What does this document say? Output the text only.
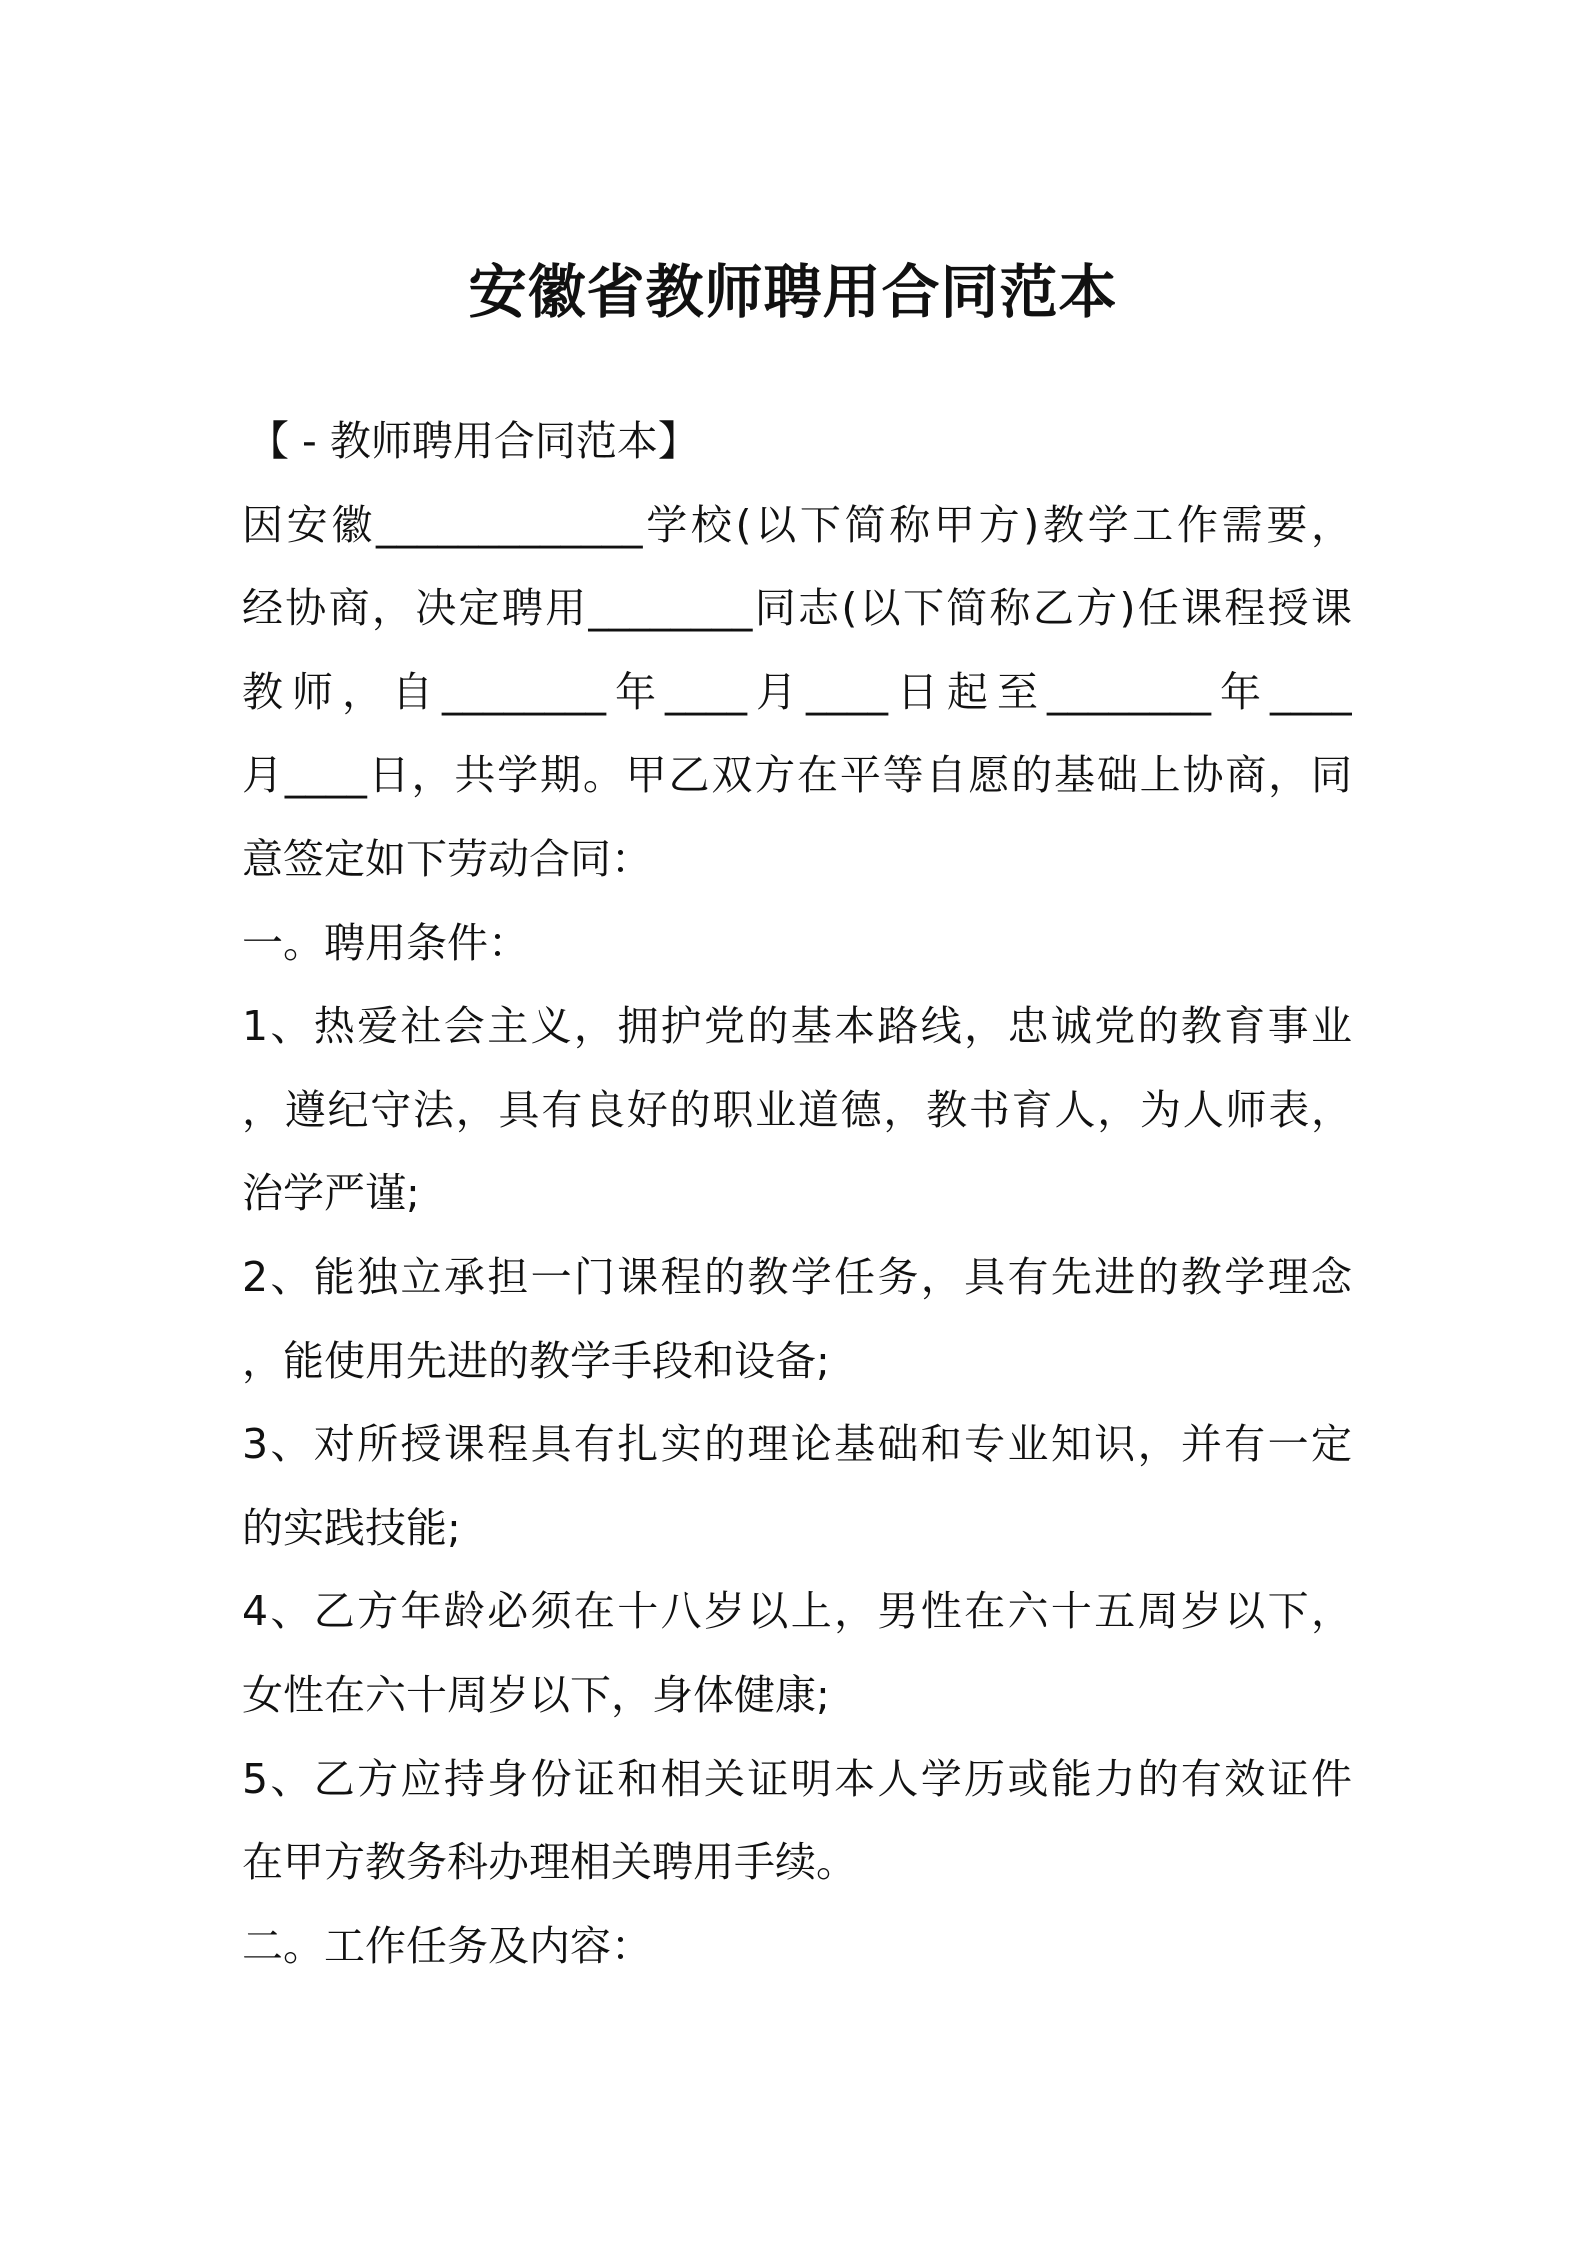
安徽省教师聘用合同范本
【 - 教师聘用合同范本】
因安徽_____________学校(以下简称甲方)教学工作需要，
经协商，决定聘用________同志(以下简称乙方)任课程授课
教师，自________年____月____日起至________年____
月____日，共学期。甲乙双方在平等自愿的基础上协商，同
意签定如下劳动合同：
一。聘用条件：
1、热爱社会主义，拥护党的基本路线，忠诚党的教育事业
，遵纪守法，具有良好的职业道德，教书育人，为人师表，
治学严谨;
2、能独立承担一门课程的教学任务，具有先进的教学理念
，能使用先进的教学手段和设备;
3、对所授课程具有扎实的理论基础和专业知识，并有一定
的实践技能;
4、乙方年龄必须在十八岁以上，男性在六十五周岁以下，
女性在六十周岁以下，身体健康;
5、乙方应持身份证和相关证明本人学历或能力的有效证件
在甲方教务科办理相关聘用手续。
二。工作任务及内容：
